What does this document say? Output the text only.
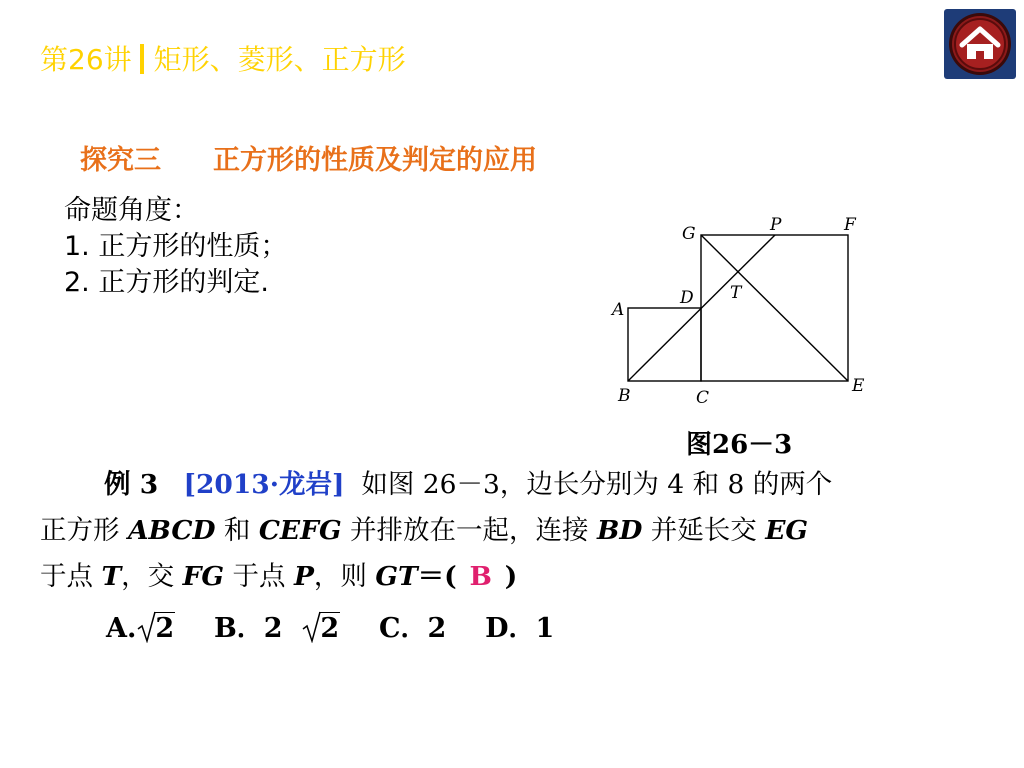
第26讲 矩形、菱形、正方形
探究三 正方形的性质及判定的应用
命题角度：
1. 正方形的性质；
2. 正方形的判定.
A
B	C
D
E
F
G	P
T
图26－3
例 3 [2013·龙岩] 如图 26－3，边长分别为 4 和 8 的两个
正方形 ABCD 和 CEFG 并排放在一起，连接 BD 并延长交 EG
于点 T，交 FG 于点 P，则 GT＝( B )
A. 2 B．2 2 C．2 D．1
